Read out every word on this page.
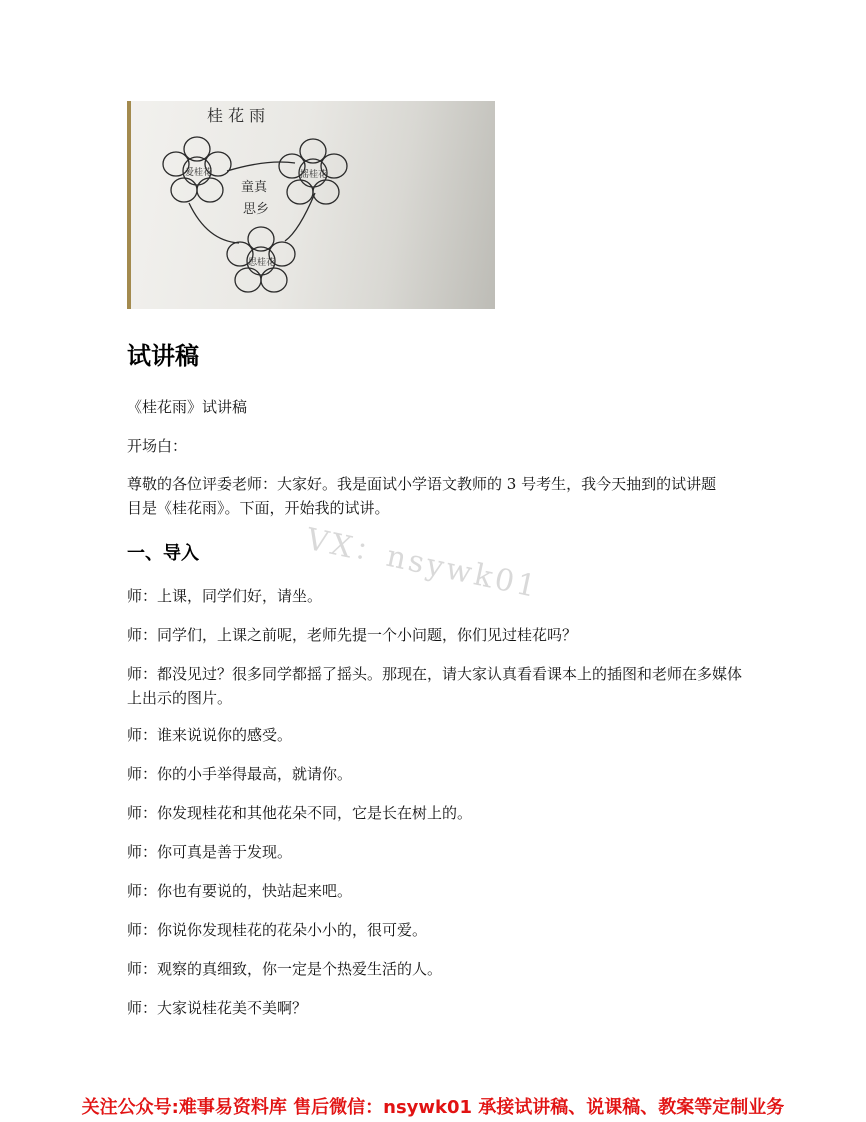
桂 花 雨
童真
思乡
爱桂花	摇桂花
思桂花
试讲稿

《桂花雨》试讲稿

开场白：

尊敬的各位评委老师：大家好。我是面试小学语文教师的 3 号考生，我今天抽到的试讲题目是《桂花雨》。下面，开始我的试讲。

一、导入	VX：nsywk01

师：上课，同学们好，请坐。

师：同学们，上课之前呢，老师先提一个小问题，你们见过桂花吗？

师：都没见过？很多同学都摇了摇头。那现在，请大家认真看看课本上的插图和老师在多媒体上出示的图片。

师：谁来说说你的感受。

师：你的小手举得最高，就请你。

师：你发现桂花和其他花朵不同，它是长在树上的。

师：你可真是善于发现。

师：你也有要说的，快站起来吧。

师：你说你发现桂花的花朵小小的，很可爱。

师：观察的真细致，你一定是个热爱生活的人。

师：大家说桂花美不美啊？

关注公众号:难事易资料库 售后微信：nsywk01 承接试讲稿、说课稿、教案等定制业务
